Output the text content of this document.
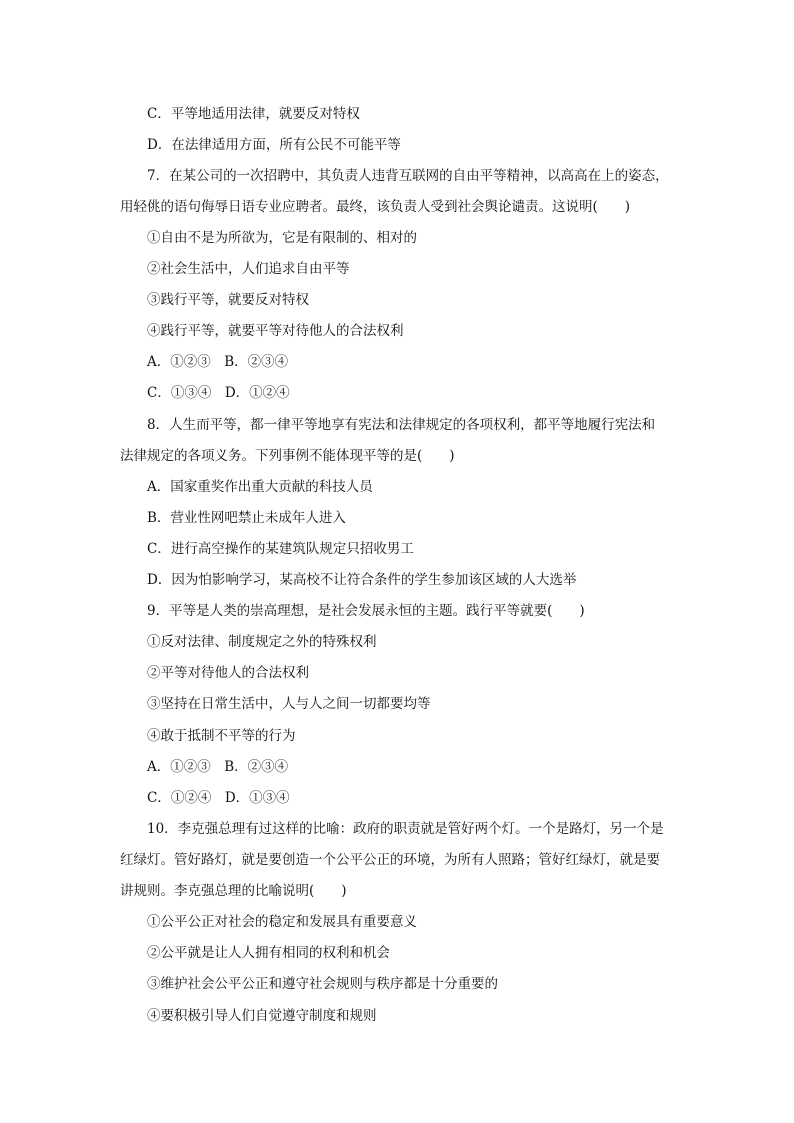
C．平等地适用法律，就要反对特权
D．在法律适用方面，所有公民不可能平等
7．在某公司的一次招聘中，其负责人违背互联网的自由平等精神，以高高在上的姿态，
用轻佻的语句侮辱日语专业应聘者。最终，该负责人受到社会舆论谴责。这说明(　　)
①自由不是为所欲为，它是有限制的、相对的
②社会生活中，人们追求自由平等
③践行平等，就要反对特权
④践行平等，就要平等对待他人的合法权利
A．①②③　B．②③④
C．①③④　D．①②④
8．人生而平等，都一律平等地享有宪法和法律规定的各项权利，都平等地履行宪法和
法律规定的各项义务。下列事例不能体现平等的是(　　)
A．国家重奖作出重大贡献的科技人员
B．营业性网吧禁止未成年人进入
C．进行高空操作的某建筑队规定只招收男工
D．因为怕影响学习，某高校不让符合条件的学生参加该区域的人大选举
9．平等是人类的崇高理想，是社会发展永恒的主题。践行平等就要(　　)
①反对法律、制度规定之外的特殊权利
②平等对待他人的合法权利
③坚持在日常生活中，人与人之间一切都要均等
④敢于抵制不平等的行为
A．①②③　B．②③④
C．①②④　D．①③④
10．李克强总理有过这样的比喻：政府的职责就是管好两个灯。一个是路灯，另一个是
红绿灯。管好路灯，就是要创造一个公平公正的环境，为所有人照路；管好红绿灯，就是要
讲规则。李克强总理的比喻说明(　　)
①公平公正对社会的稳定和发展具有重要意义
②公平就是让人人拥有相同的权利和机会
③维护社会公平公正和遵守社会规则与秩序都是十分重要的
④要积极引导人们自觉遵守制度和规则
